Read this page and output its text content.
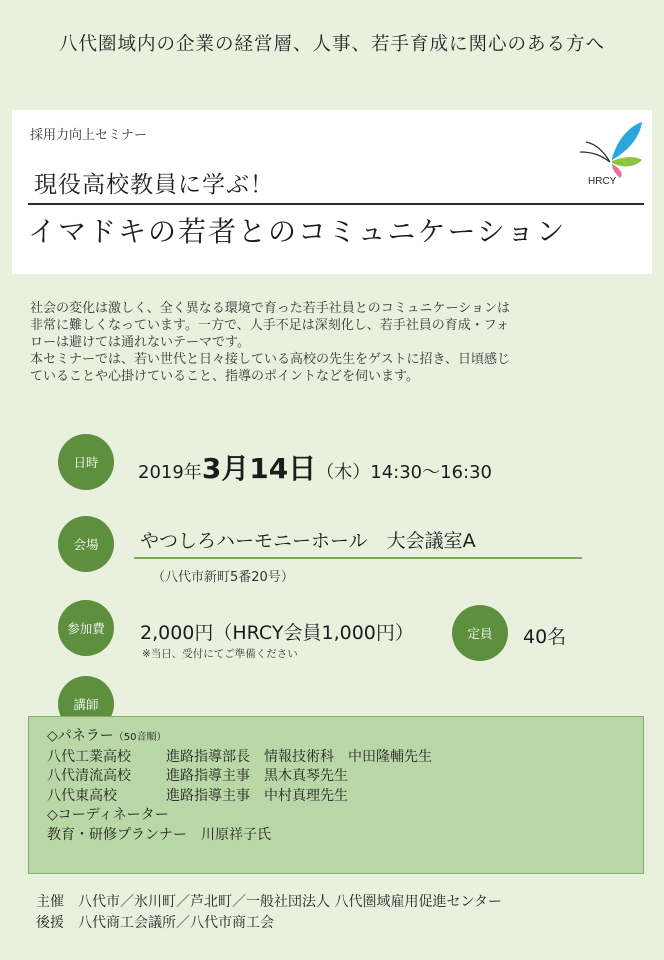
八代圏域内の企業の経営層、人事、若手育成に関心のある方へ
採用力向上セミナー
現役高校教員に学ぶ！
イマドキの若者とのコミュニケーション
HRCY

社会の変化は激しく、全く異なる環境で育った若手社員とのコミュニケーションは

非常に難しくなっています。一方で、人手不足は深刻化し、若手社員の育成・フォ

ローは避けては通れないテーマです。

本セミナーでは、若い世代と日々接している高校の先生をゲストに招き、日頃感じ

ていることや心掛けていること、指導のポイントなどを伺います。

日時	2019年3月14日（木）14:30〜16:30
会場	やつしろハーモニーホール　大会議室A
（八代市新町5番20号）
参加費	2,000円（HRCY会員1,000円）
※当日、受付にてご準備ください
定員	40名
講師
◇パネラー（50音順）
八代工業高校	進路指導部長　情報技術科　 中田隆輔先生
八代清流高校	進路指導主事　 黒木真琴先生
八代東高校	進路指導主事　 中村真理先生
◇コーディネーター
教育・研修プランナー　 川原祥子氏
主催　 八代市／氷川町／芦北町／一般社団法人 八代圏域雇用促進センター
後援　 八代商工会議所／八代市商工会
